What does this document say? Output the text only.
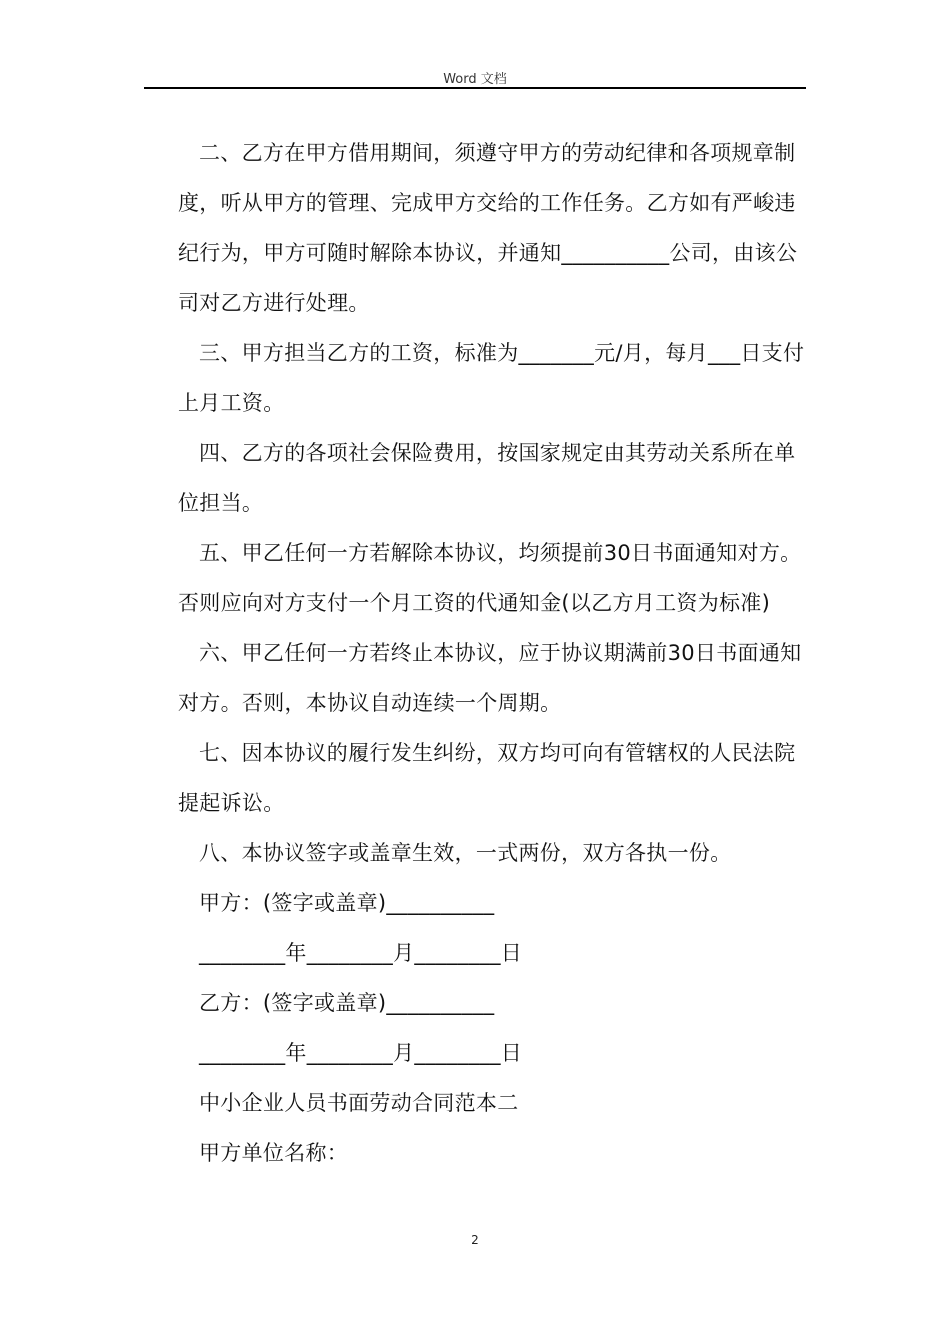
Word 文档

二、乙方在甲方借用期间，须遵守甲方的劳动纪律和各项规章制度，听从甲方的管理、完成甲方交给的工作任务。乙方如有严峻违纪行为，甲方可随时解除本协议，并通知__________公司，由该公司对乙方进行处理。

三、甲方担当乙方的工资，标准为_______元/月，每月___日支付上月工资。

四、乙方的各项社会保险费用，按国家规定由其劳动关系所在单位担当。

五、甲乙任何一方若解除本协议，均须提前30日书面通知对方。否则应向对方支付一个月工资的代通知金(以乙方月工资为标准)

六、甲乙任何一方若终止本协议，应于协议期满前30日书面通知对方。否则，本协议自动连续一个周期。

七、因本协议的履行发生纠纷，双方均可向有管辖权的人民法院提起诉讼。

八、本协议签字或盖章生效，一式两份，双方各执一份。

甲方：(签字或盖章)__________

________年________月________日

乙方：(签字或盖章)__________

________年________月________日

中小企业人员书面劳动合同范本二

甲方单位名称：

2
